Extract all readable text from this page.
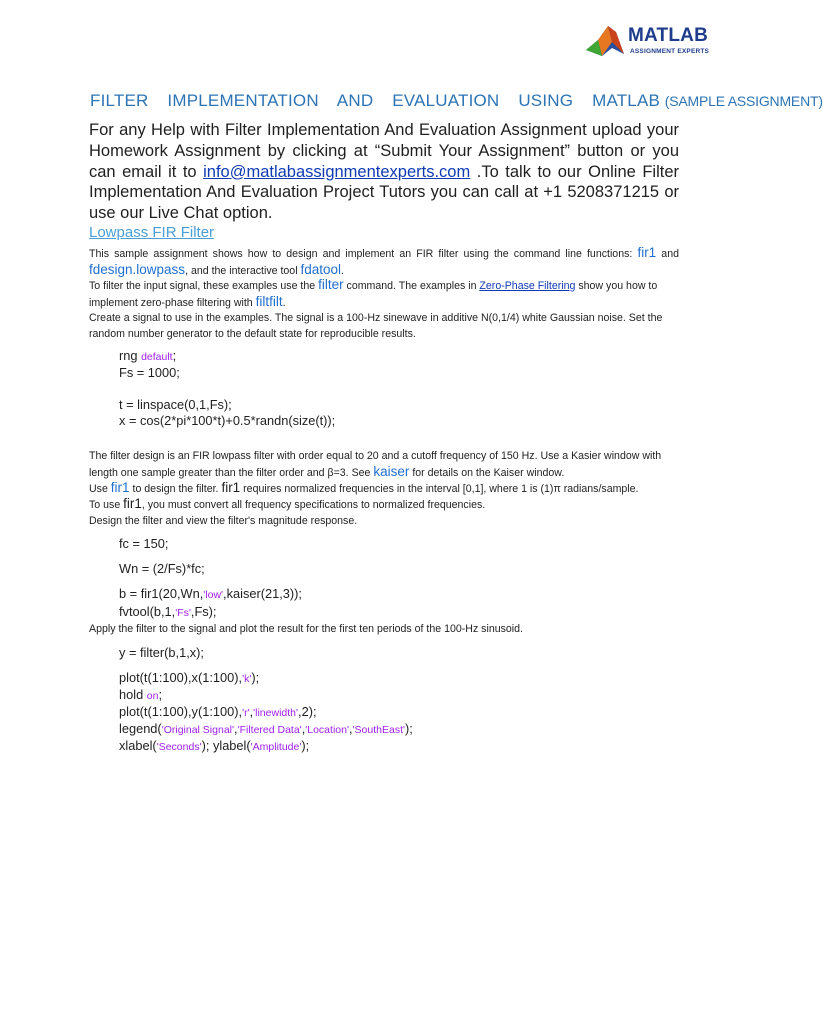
MATLAB
ASSIGNMENT EXPERTS
FILTER IMPLEMENTATION AND EVALUATION USING MATLAB (SAMPLE ASSIGNMENT)
For any Help with Filter Implementation And Evaluation Assignment upload your Homework Assignment by clicking at “Submit Your Assignment” button or you can email it to info@matlabassignmentexperts.com .To talk to our Online Filter Implementation And Evaluation Project Tutors you can call at +1 5208371215 or use our Live Chat option.
Lowpass FIR Filter
This sample assignment shows how to design and implement an FIR filter using the command line functions: fir1 and fdesign.lowpass, and the interactive tool fdatool.
To filter the input signal, these examples use the filter command. The examples in Zero-Phase Filtering show you how to implement zero-phase filtering with filtfilt.
Create a signal to use in the examples. The signal is a 100-Hz sinewave in additive N(0,1/4) white Gaussian noise. Set the random number generator to the default state for reproducible results.
rng default;
Fs = 1000;
t = linspace(0,1,Fs);
x = cos(2*pi*100*t)+0.5*randn(size(t));
The filter design is an FIR lowpass filter with order equal to 20 and a cutoff frequency of 150 Hz. Use a Kasier window with length one sample greater than the filter order and β=3. See kaiser for details on the Kaiser window.
Use fir1 to design the filter. fir1 requires normalized frequencies in the interval [0,1], where 1 is (1)π radians/sample.
To use fir1, you must convert all frequency specifications to normalized frequencies.
Design the filter and view the filter's magnitude response.
fc = 150;
Wn = (2/Fs)*fc;
b = fir1(20,Wn,'low',kaiser(21,3));
fvtool(b,1,'Fs',Fs);
Apply the filter to the signal and plot the result for the first ten periods of the 100-Hz sinusoid.
y = filter(b,1,x);
plot(t(1:100),x(1:100),'k');
hold on;
plot(t(1:100),y(1:100),'r','linewidth',2);
legend('Original Signal','Filtered Data','Location','SouthEast');
xlabel('Seconds'); ylabel('Amplitude');
